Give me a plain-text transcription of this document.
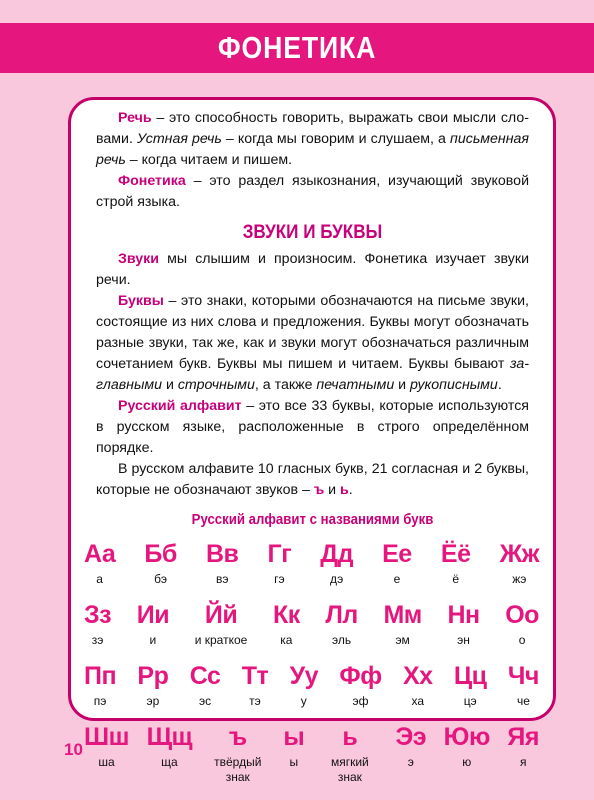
ФОНЕТИКА

Речь – это способность говорить, выражать свои мысли словами. Устная речь – когда мы говорим и слушаем, а письменная речь – когда читаем и пишем.

Фонетика – это раздел языкознания, изучающий звуковой строй языка.

ЗВУКИ И БУКВЫ

Звуки мы слышим и произносим. Фонетика изучает звуки речи.

Буквы – это знаки, которыми обозначаются на письме звуки, состоящие из них слова и предложения. Буквы могут обозначать разные звуки, так же, как и звуки могут обозначаться различным сочетанием букв. Буквы мы пишем и читаем. Буквы бывают заглавными и строчными, а также печатными и рукописными.

Русский алфавит – это все 33 буквы, которые используются в русском языке, расположенные в строго определённом порядке.

В русском алфавите 10 гласных букв, 21 согласная и 2 буквы, которые не обозначают звуков – ъ и ь.

Русский алфавит с названиями букв
Аа
а
Бб
бэ
Вв
вэ
Гг
гэ
Дд
дэ
Ее
е
Ёё
ё
Жж
жэ
Зз
зэ
Ии
и
Йй
и краткое
Кк
ка
Лл
эль
Мм
эм
Нн
эн
Оо
о
Пп
пэ
Рр
эр
Сс
эс
Тт
тэ
Уу
у
Фф
эф
Хх
ха
Цц
цэ
Чч
че
Шш
ша
Щщ
ща
ъ
твёрдый знак
ы
ы
ь
мягкий знак
Ээ
э
Юю
ю
Яя
я
10
